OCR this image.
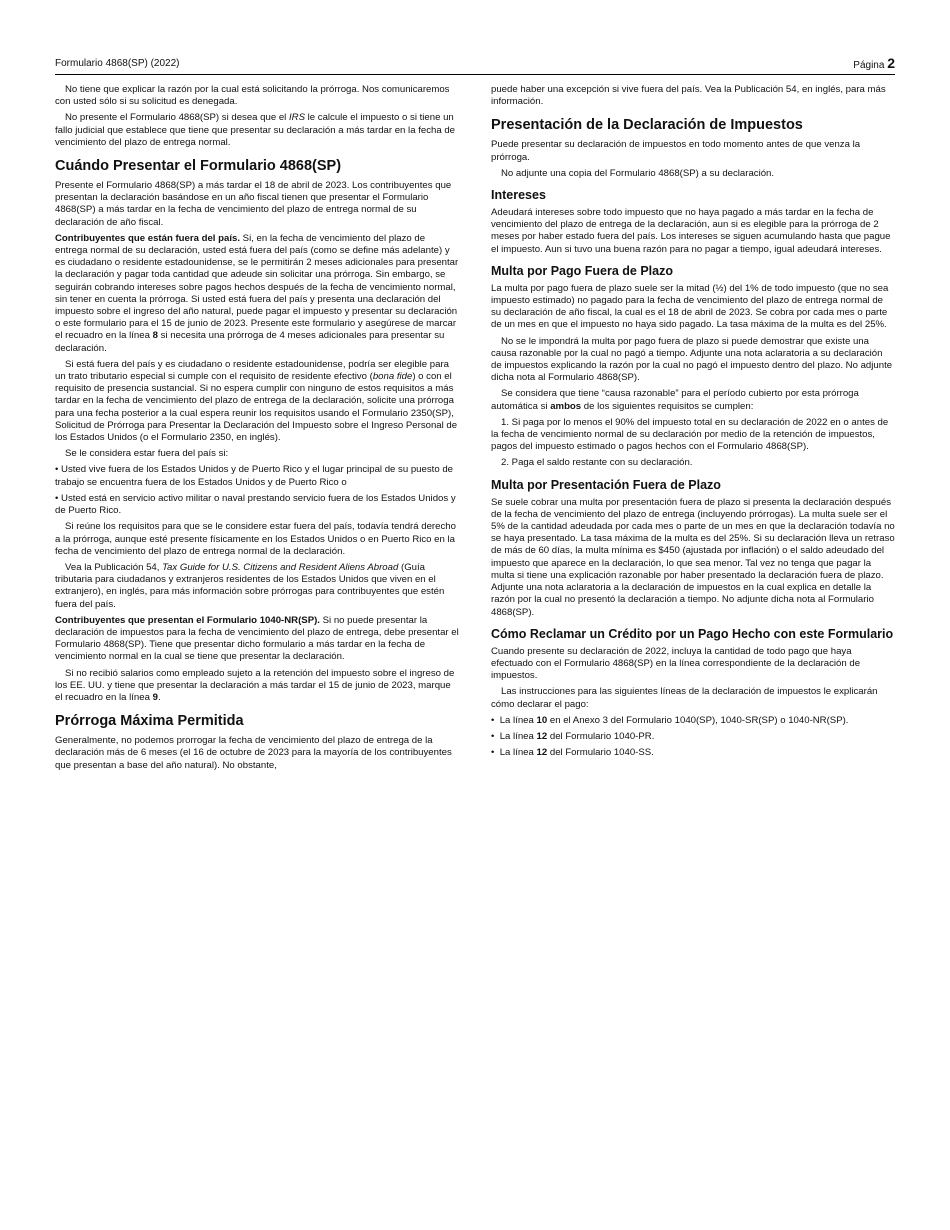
Formulario 4868(SP) (2022)	Página 2

No tiene que explicar la razón por la cual está solicitando la prórroga. Nos comunicaremos con usted sólo si su solicitud es denegada.

No presente el Formulario 4868(SP) si desea que el IRS le calcule el impuesto o si tiene un fallo judicial que establece que tiene que presentar su declaración a más tardar en la fecha de vencimiento del plazo de entrega normal.

Cuándo Presentar el Formulario 4868(SP)

Presente el Formulario 4868(SP) a más tardar el 18 de abril de 2023. Los contribuyentes que presentan la declaración basándose en un año fiscal tienen que presentar el Formulario 4868(SP) a más tardar en la fecha de vencimiento del plazo de entrega normal de su declaración de año fiscal.

Contribuyentes que están fuera del país. Si, en la fecha de vencimiento del plazo de entrega normal de su declaración, usted está fuera del país (como se define más adelante) y es ciudadano o residente estadounidense, se le permitirán 2 meses adicionales para presentar la declaración y pagar toda cantidad que adeude sin solicitar una prórroga. Sin embargo, se seguirán cobrando intereses sobre pagos hechos después de la fecha de vencimiento normal, sin tener en cuenta la prórroga. Si usted está fuera del país y presenta una declaración del impuesto sobre el ingreso del año natural, puede pagar el impuesto y presentar su declaración o este formulario para el 15 de junio de 2023. Presente este formulario y asegúrese de marcar el recuadro en la línea 8 si necesita una prórroga de 4 meses adicionales para presentar su declaración.

Si está fuera del país y es ciudadano o residente estadounidense, podría ser elegible para un trato tributario especial si cumple con el requisito de residente efectivo (bona fide) o con el requisito de presencia sustancial. Si no espera cumplir con ninguno de estos requisitos a más tardar en la fecha de vencimiento del plazo de entrega de la declaración, solicite una prórroga para una fecha posterior a la cual espera reunir los requisitos usando el Formulario 2350(SP), Solicitud de Prórroga para Presentar la Declaración del Impuesto sobre el Ingreso Personal de los Estados Unidos (o el Formulario 2350, en inglés).

Se le considera estar fuera del país si:

• Usted vive fuera de los Estados Unidos y de Puerto Rico y el lugar principal de su puesto de trabajo se encuentra fuera de los Estados Unidos y de Puerto Rico o

• Usted está en servicio activo militar o naval prestando servicio fuera de los Estados Unidos y de Puerto Rico.

Si reúne los requisitos para que se le considere estar fuera del país, todavía tendrá derecho a la prórroga, aunque esté presente físicamente en los Estados Unidos o en Puerto Rico en la fecha de vencimiento del plazo de entrega normal de la declaración.

Vea la Publicación 54, Tax Guide for U.S. Citizens and Resident Aliens Abroad (Guía tributaria para ciudadanos y extranjeros residentes de los Estados Unidos que viven en el extranjero), en inglés, para más información sobre prórrogas para contribuyentes que estén fuera del país.

Contribuyentes que presentan el Formulario 1040-NR(SP). Si no puede presentar la declaración de impuestos para la fecha de vencimiento del plazo de entrega, debe presentar el Formulario 4868(SP). Tiene que presentar dicho formulario a más tardar en la fecha de vencimiento normal en la cual se tiene que presentar la declaración.

Si no recibió salarios como empleado sujeto a la retención del impuesto sobre el ingreso de los EE. UU. y tiene que presentar la declaración a más tardar el 15 de junio de 2023, marque el recuadro en la línea 9.

Prórroga Máxima Permitida

Generalmente, no podemos prorrogar la fecha de vencimiento del plazo de entrega de la declaración más de 6 meses (el 16 de octubre de 2023 para la mayoría de los contribuyentes que presentan a base del año natural). No obstante,

puede haber una excepción si vive fuera del país. Vea la Publicación 54, en inglés, para más información.

Presentación de la Declaración de Impuestos

Puede presentar su declaración de impuestos en todo momento antes de que venza la prórroga.

No adjunte una copia del Formulario 4868(SP) a su declaración.

Intereses

Adeudará intereses sobre todo impuesto que no haya pagado a más tardar en la fecha de vencimiento del plazo de entrega de la declaración, aun si es elegible para la prórroga de 2 meses por haber estado fuera del país. Los intereses se siguen acumulando hasta que pague el impuesto. Aun si tuvo una buena razón para no pagar a tiempo, igual adeudará intereses.

Multa por Pago Fuera de Plazo

La multa por pago fuera de plazo suele ser la mitad (½) del 1% de todo impuesto (que no sea impuesto estimado) no pagado para la fecha de vencimiento del plazo de entrega normal de su declaración de año fiscal, la cual es el 18 de abril de 2023. Se cobra por cada mes o parte de un mes en que el impuesto no haya sido pagado. La tasa máxima de la multa es del 25%.

No se le impondrá la multa por pago fuera de plazo si puede demostrar que existe una causa razonable por la cual no pagó a tiempo. Adjunte una nota aclaratoria a su declaración de impuestos explicando la razón por la cual no pagó el impuesto dentro del plazo. No adjunte dicha nota al Formulario 4868(SP).

Se considera que tiene “causa razonable” para el período cubierto por esta prórroga automática si ambos de los siguientes requisitos se cumplen:

1. Si paga por lo menos el 90% del impuesto total en su declaración de 2022 en o antes de la fecha de vencimiento normal de su declaración por medio de la retención de impuestos, pagos del impuesto estimado o pagos hechos con el Formulario 4868(SP).

2. Paga el saldo restante con su declaración.

Multa por Presentación Fuera de Plazo

Se suele cobrar una multa por presentación fuera de plazo si presenta la declaración después de la fecha de vencimiento del plazo de entrega (incluyendo prórrogas). La multa suele ser el 5% de la cantidad adeudada por cada mes o parte de un mes en que la declaración todavía no se haya presentado. La tasa máxima de la multa es del 25%. Si su declaración lleva un retraso de más de 60 días, la multa mínima es $450 (ajustada por inflación) o el saldo adeudado del impuesto que aparece en la declaración, lo que sea menor. Tal vez no tenga que pagar la multa si tiene una explicación razonable por haber presentado la declaración fuera de plazo. Adjunte una nota aclaratoria a la declaración de impuestos en la cual explica en detalle la razón por la cual no presentó la declaración a tiempo. No adjunte dicha nota al Formulario 4868(SP).

Cómo Reclamar un Crédito por un Pago Hecho con este Formulario

Cuando presente su declaración de 2022, incluya la cantidad de todo pago que haya efectuado con el Formulario 4868(SP) en la línea correspondiente de la declaración de impuestos.

Las instrucciones para las siguientes líneas de la declaración de impuestos le explicarán cómo declarar el pago:

•  La línea 10 en el Anexo 3 del Formulario 1040(SP), 1040-SR(SP) o 1040-NR(SP).

•  La línea 12 del Formulario 1040-PR.

•  La línea 12 del Formulario 1040-SS.
